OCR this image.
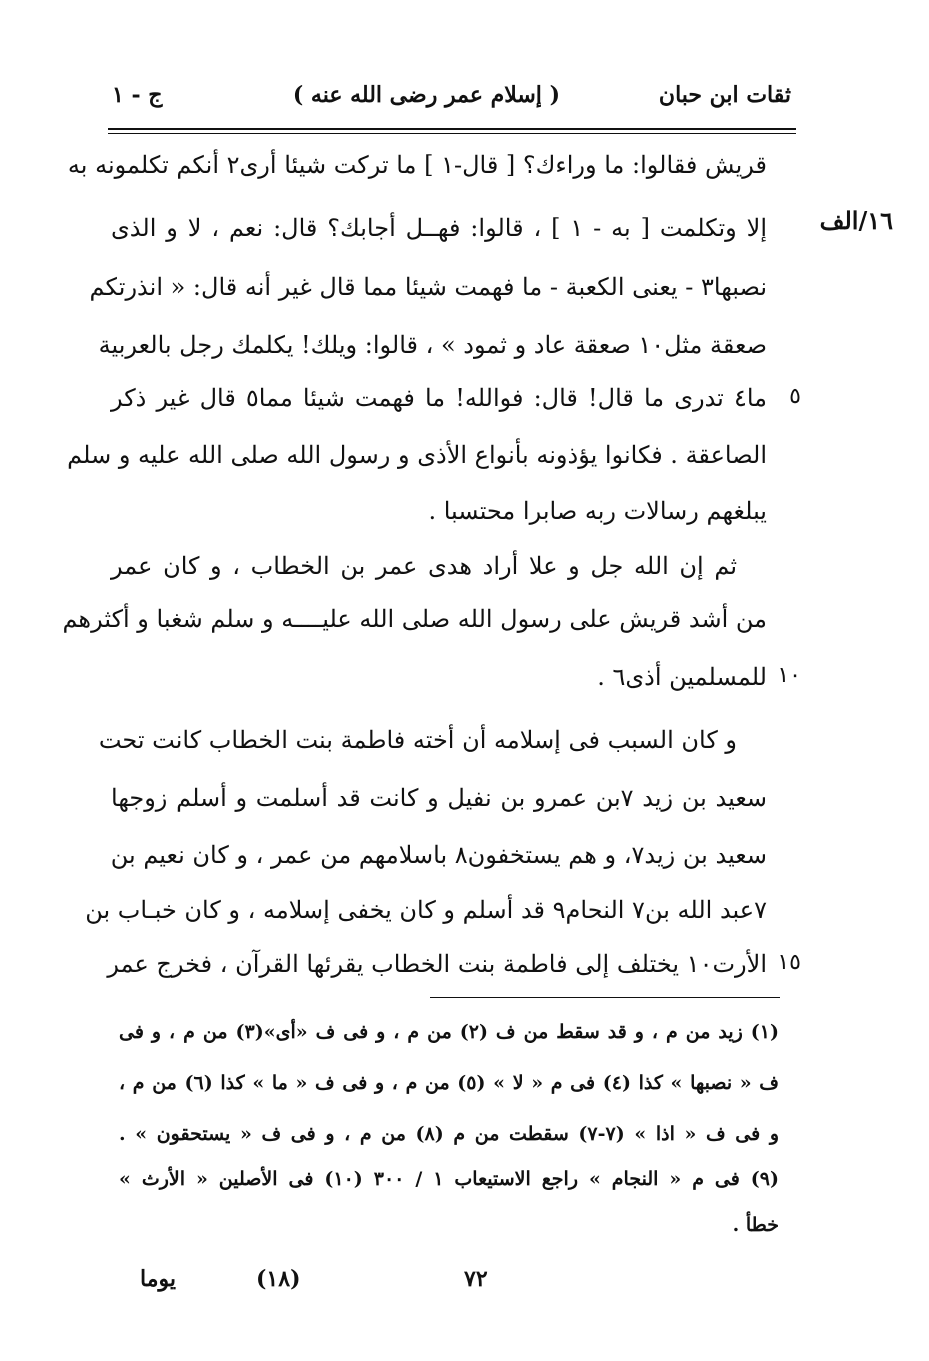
ثقات ابن حبان
( إسلام عمر رضى الله عنه )
ج - ١
١٦/الف
قريش فقالوا: ما وراءك؟ [ قال-١ ] ما تركت شيئا أرى٢ أنكم تكلمونه به
إلا وتكلمت [ به - ١ ] ، قالوا: فهــل أجابك؟ قال: نعم ، لا و الذى
نصبها٣ - يعنى الكعبة - ما فهمت شيئا مما قال غير أنه قال: « انذرتكم
صعقة مثل١٠ صعقة عاد و ثمود » ، قالوا: ويلك! يكلمك رجل بالعربية
ما٤ تدرى ما قال! قال: فوالله! ما فهمت شيئا مما٥ قال غير ذكر
الصاعقة . فكانوا يؤذونه بأنواع الأذى و رسول الله صلى الله عليه و سلم
يبلغهم رسالات ربه صابرا محتسبا .
ثم إن الله جل و علا أراد هدى عمر بن الخطاب ، و كان عمر
من أشد قريش على رسول الله صلى الله عليــــه و سلم شغبا و أكثرهم
للمسلمين أذى٦ .
و كان السبب فى إسلامه أن أخته فاطمة بنت الخطاب كانت تحت
سعيد بن زيد ٧بن عمرو بن نفيل و كانت قد أسلمت و أسلم زوجها
سعيد بن زيد٧، و هم يستخفون٨ باسلامهم من عمر ، و كان نعيم بن
٧عبد الله بن٧ النحام٩ قد أسلم و كان يخفى إسلامه ، و كان خبـاب بن
الأرت١٠ يختلف إلى فاطمة بنت الخطاب يقرئها القرآن ، فخرج عمر
٥
١٠
١٥
(١) زيد من م ، و قد سقط من ف (٢) من م ، و فى ف «أى»(٣) من م ، و فى
ف « نصبها » كذا (٤) فى م « لا » (٥) من م ، و فى ف « ما » كذا (٦) من م ،
و فى ف « اذا » (٧-٧) سقطت من م (٨) من م ، و فى ف « يستحقون » .
(٩) فى م « النجام » راجع الاستيعاب ١ / ٣٠٠ (١٠) فى الأصلين « الأرث »
خطأ .
يوما	(١٨)	٧٢
